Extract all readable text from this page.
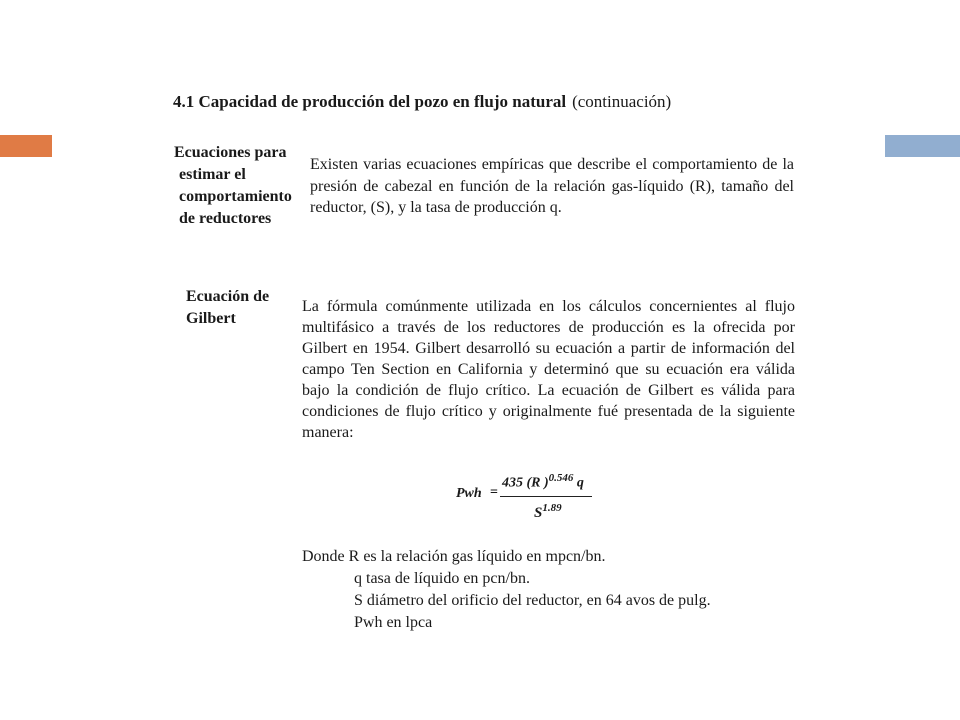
4.1 Capacidad de producción del pozo en flujo natural (continuación)
Ecuaciones para
estimar el
comportamiento
de reductores
Existen varias ecuaciones empíricas que describe el comportamiento de la presión de cabezal en función de la relación gas-líquido (R), tamaño del reductor, (S), y la tasa de producción q.
Ecuación de Gilbert
La fórmula comúnmente utilizada en los cálculos concernientes al flujo multifásico a través de los reductores de producción es la ofrecida por Gilbert en 1954. Gilbert desarrolló su ecuación a partir de información del campo Ten Section en California y determinó que su ecuación era válida bajo la condición de flujo crítico. La ecuación de Gilbert es válida para condiciones de flujo crítico y originalmente fué presentada de la siguiente manera:
Pwh =
435 (R )$^{0.546}$ q
$S^{1.89}$
Donde R es la relación gas líquido en mpcn/bn.
q tasa de líquido en pcn/bn.
S diámetro del orificio del reductor, en 64 avos de pulg.
Pwh en lpca
